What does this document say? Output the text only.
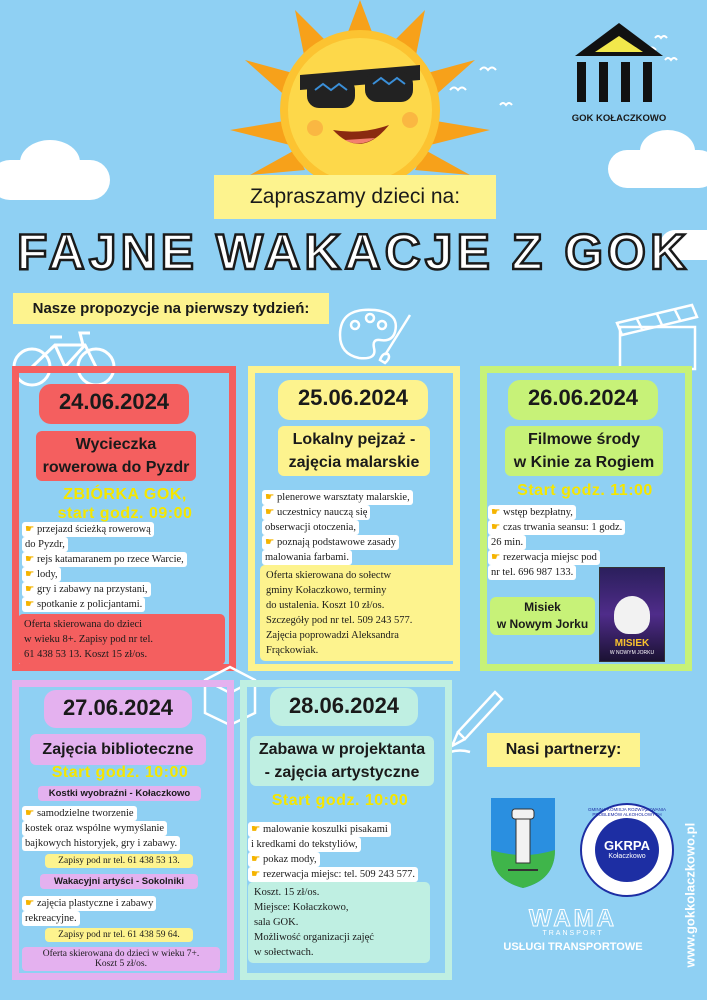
GOK KOŁACZKOWO
Zapraszamy dzieci na:
FAJNE WAKACJE Z GOK
Nasze propozycje na pierwszy tydzień:
24.06.2024
Wycieczka
rowerowa do Pyzdr
ZBIÓRKA GOK,
start godz. 09:00
☛ przejazd ścieżką rowerową
do Pyzdr,
☛ rejs katamaranem po rzece Warcie,
☛ lody,
☛ gry i zabawy na przystani,
☛ spotkanie z policjantami.
Oferta skierowana do dzieci
w wieku 8+. Zapisy pod nr tel.
61 438 53 13. Koszt 15 zł/os.
25.06.2024
Lokalny pejzaż -
zajęcia malarskie
☛ plenerowe warsztaty malarskie,
☛ uczestnicy nauczą się
obserwacji otoczenia,
☛ poznają podstawowe zasady
malowania farbami.
Oferta skierowana do sołectw
gminy Kołaczkowo, terminy
do ustalenia. Koszt 10 zł/os.
Szczegóły pod nr tel. 509 243 577.
Zajęcia poprowadzi Aleksandra
Frąckowiak.
26.06.2024
Filmowe środy
w Kinie za Rogiem
Start godz. 11:00
☛ wstęp bezpłatny,
☛ czas trwania seansu: 1 godz.
26 min.
☛ rezerwacja miejsc pod
nr tel. 696 987 133.
Misiek
w Nowym Jorku
MISIEK
W NOWYM JORKU
27.06.2024
Zajęcia biblioteczne
Start godz. 10:00
Kostki wyobraźni - Kołaczkowo
☛ samodzielne tworzenie
kostek oraz wspólne wymyślanie
bajkowych historyjek, gry i zabawy.
Zapisy pod nr tel. 61 438 53 13.
Wakacyjni artyści - Sokolniki
☛ zajęcia plastyczne i zabawy
rekreacyjne.
Zapisy pod nr tel. 61 438 59 64.
Oferta skierowana do dzieci w wieku 7+.
Koszt 5 zł/os.
28.06.2024
Zabawa w projektanta
- zajęcia artystyczne
Start godz. 10:00
☛ malowanie koszulki pisakami
i kredkami do tekstyliów,
☛ pokaz mody,
☛ rezerwacja miejsc: tel. 509 243 577.
Koszt. 15 zł/os.
Miejsce: Kołaczkowo,
sala GOK.
Możliwość organizacji zajęć
w sołectwach.
Nasi partnerzy:
GMINNA KOMISJA ROZWIĄZYWANIA PROBLEMÓW ALKOHOLOWYCH
GKRPA
Kołaczkowo
WAMA
TRANSPORT
USŁUGI TRANSPORTOWE	www.gokkolaczkowo.pl
